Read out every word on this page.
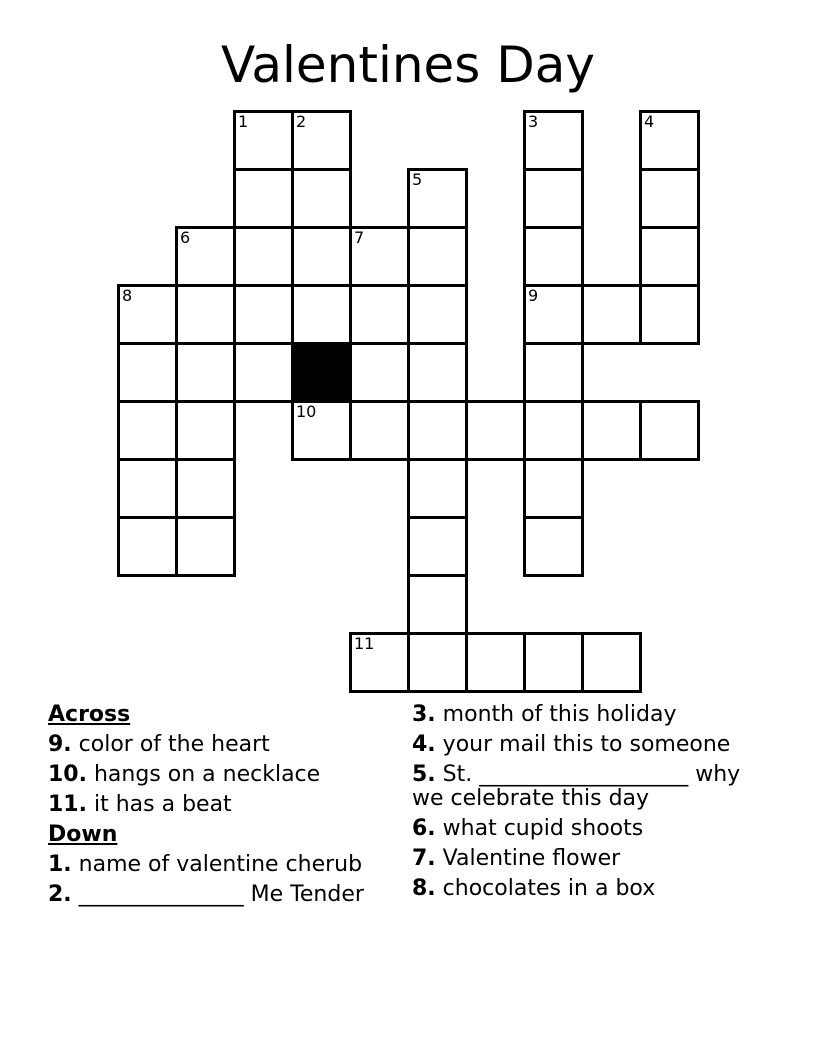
Valentines Day
1	2	3	4
5
6	7
8	9
10
11
Across
9. color of the heart
10. hangs on a necklace
11. it has a beat
Down
1. name of valentine cherub
2. _______________ Me Tender
3. month of this holiday
4. your mail this to someone
5. St. ___________________ why we celebrate this day
6. what cupid shoots
7. Valentine flower
8. chocolates in a box
